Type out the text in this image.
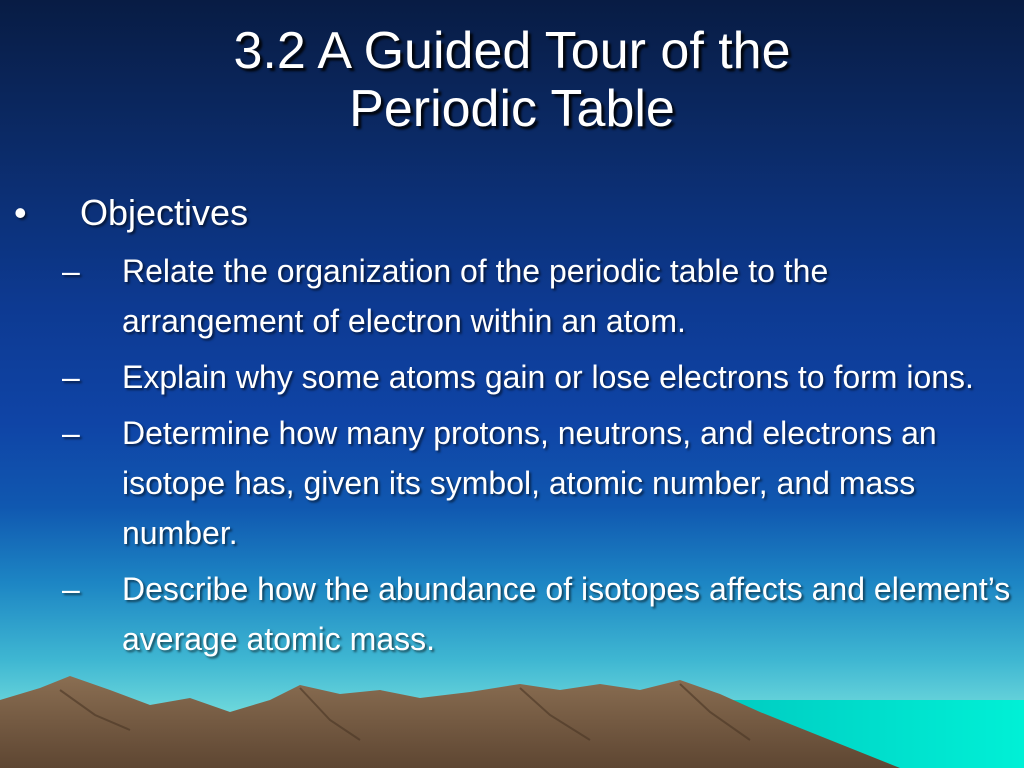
3.2 A Guided Tour of the
Periodic Table
• Objectives
– Relate the organization of the periodic table to the arrangement of electron within an atom.
– Explain why some atoms gain or lose electrons to form ions.
– Determine how many protons, neutrons, and electrons an isotope has, given its symbol, atomic number, and mass number.
– Describe how the abundance of isotopes affects and element’s average atomic mass.
